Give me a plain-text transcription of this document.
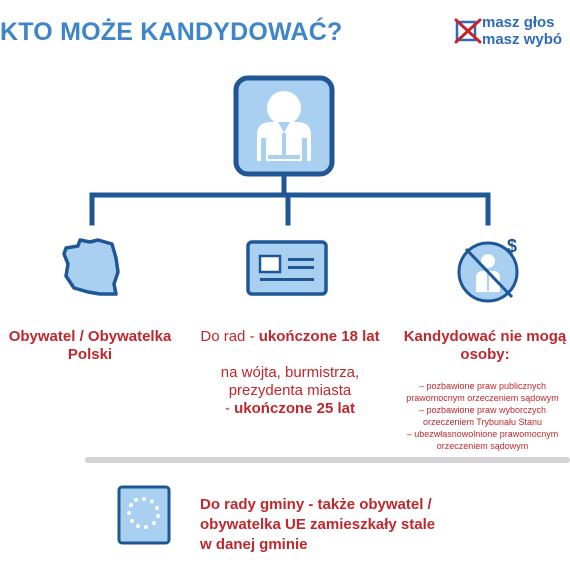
KTO MOŻE KANDYDOWAĆ?	masz głos
masz wybó
$
Obywatel / Obywatelka Polski
Do rad - ukończone 18 lat
na wójta, burmistrza, prezydenta miasta
- ukończone 25 lat
Kandydować nie mogą osoby:
– pozbawione praw publicznych prawomocnym orzeczeniem sądowym
– pozbawione praw wyborczych orzeczeniem Trybunału Stanu
– ubezwłasnowolnione prawomocnym orzeczeniem sądowym
Do rady gminy - także obywatel / obywatelka UE zamieszkały stale w danej gminie
